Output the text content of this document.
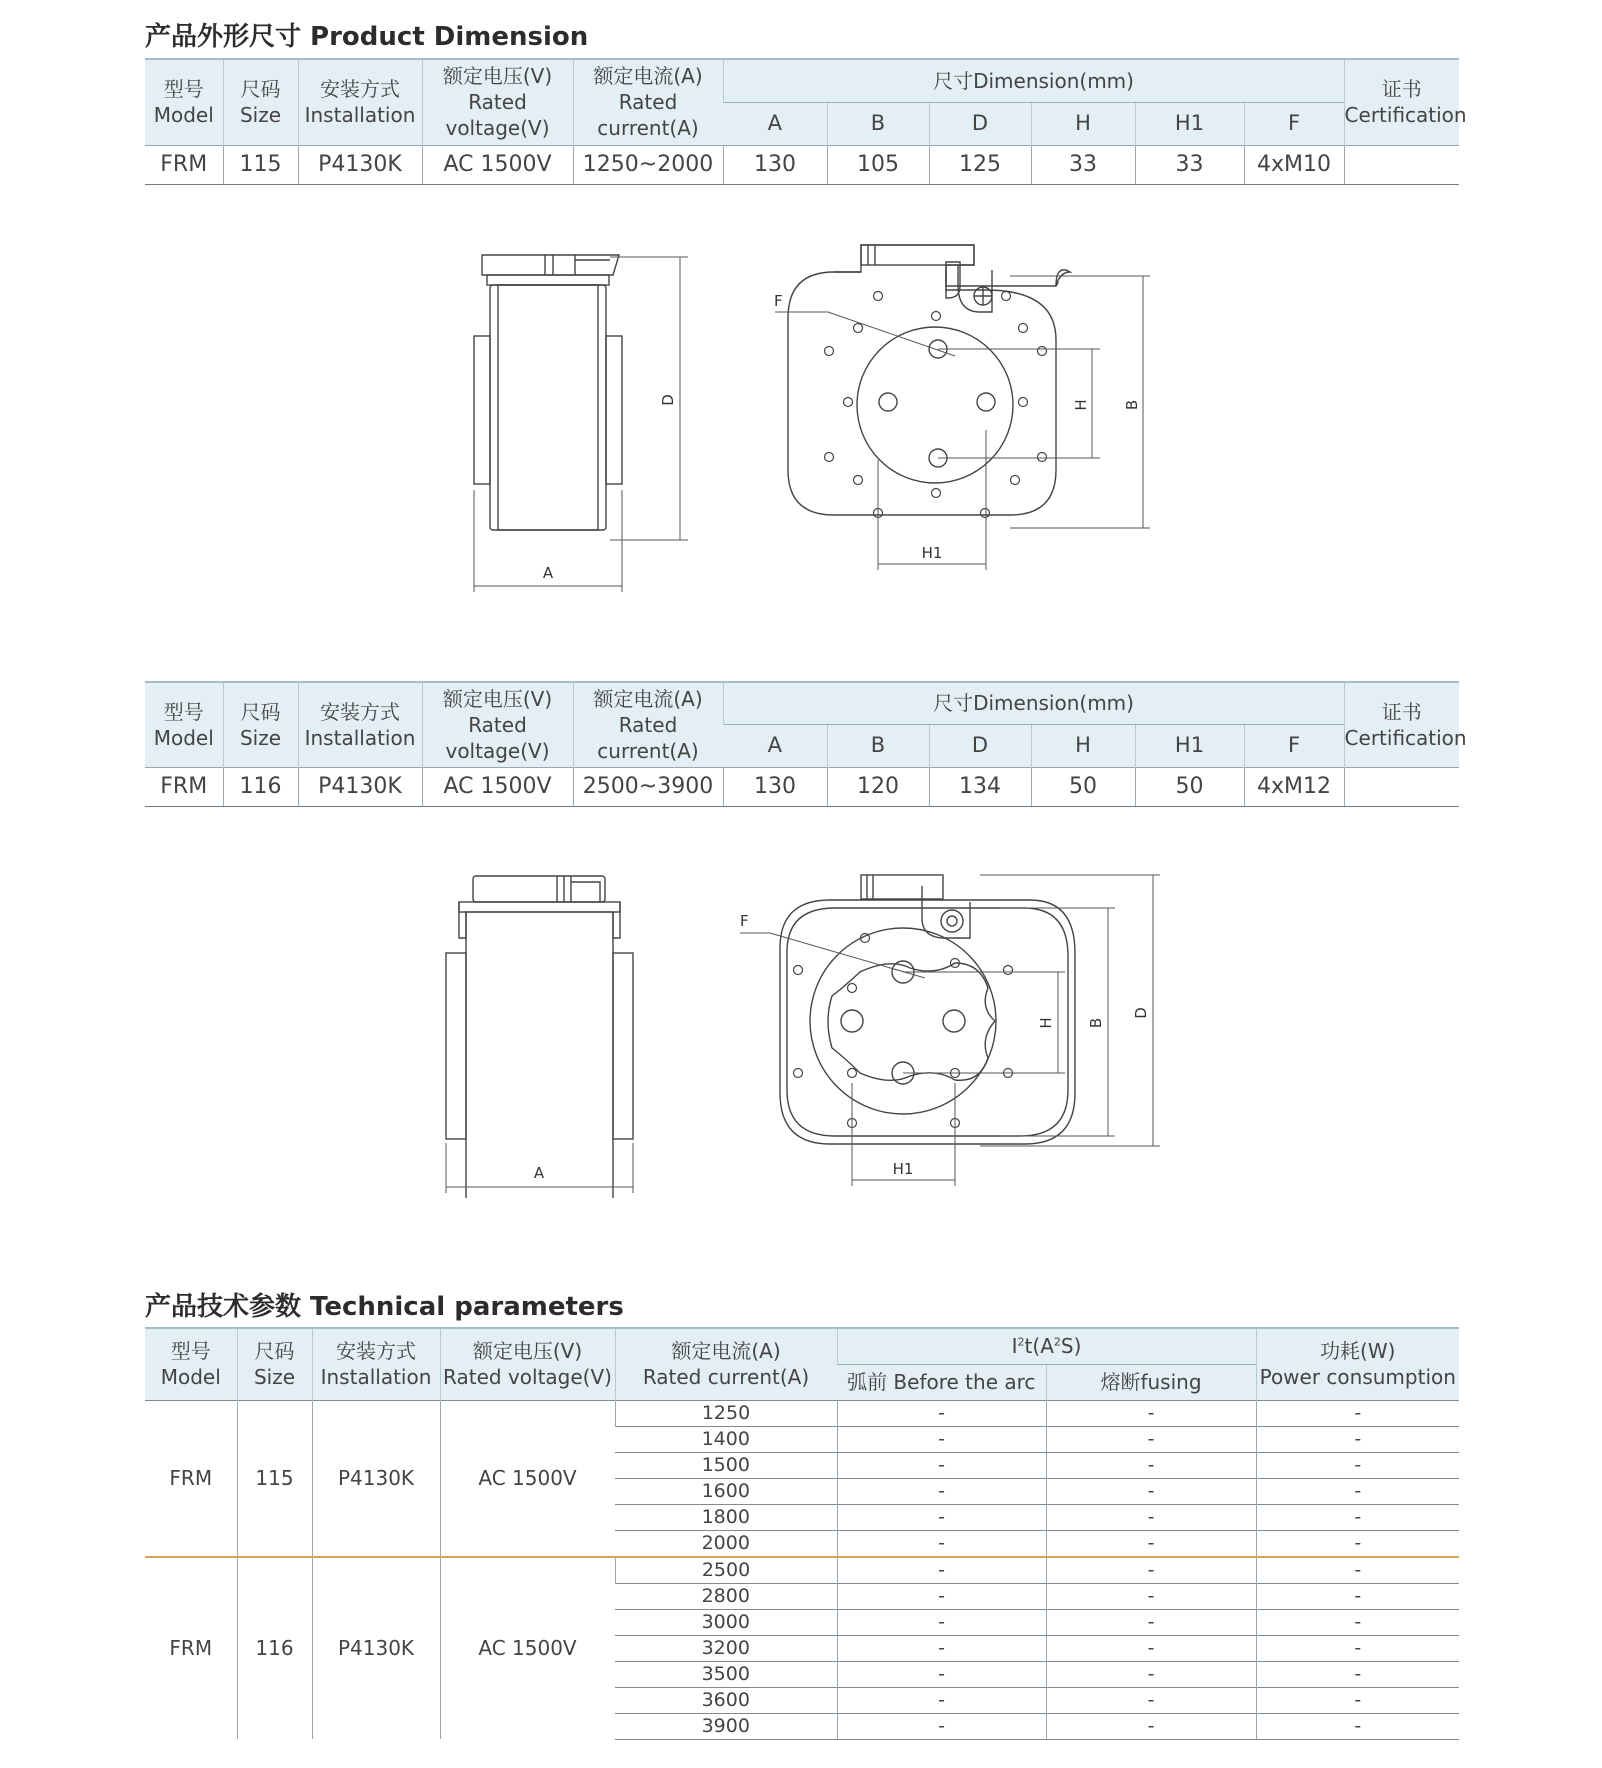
产品外形尺寸 Product Dimension
型号
Model	尺码
Size	安装方式
Installation	额定电压(V)
Rated voltage(V)	额定电流(A)
Rated current(A)	尺寸Dimension(mm)						证书
Certification
					A	B	D	H	H1	F	
FRM	115	P4130K	AC 1500V	1250~2000	130	105	125	33	33	4xM10	
D
A
F
H B
H1
型号
Model	尺码
Size	安装方式
Installation	额定电压(V)
Rated voltage(V)	额定电流(A)
Rated current(A)	尺寸Dimension(mm)						证书
Certification
					A	B	D	H	H1	F	
FRM	116	P4130K	AC 1500V	2500~3900	130	120	134	50	50	4xM12	
A
F
H B
D
H1
产品技术参数 Technical parameters
型号
Model	尺码
Size	安装方式
Installation	额定电压(V)
Rated voltage(V)	额定电流(A)
Rated current(A)	$I^2t(A^2S)$		功耗(W)
Power consumption
					弧前 Before the arc	熔断fusing	
FRM	115	P4130K	AC 1500V	1250	-	-	-
				1400	-	-	-
				1500	-	-	-
				1600	-	-	-
				1800	-	-	-
				2000	-	-	-
FRM	116	P4130K	AC 1500V	2500	-	-	-
				2800	-	-	-
				3000	-	-	-
				3200	-	-	-
				3500	-	-	-
				3600	-	-	-
				3900	-	-	-
